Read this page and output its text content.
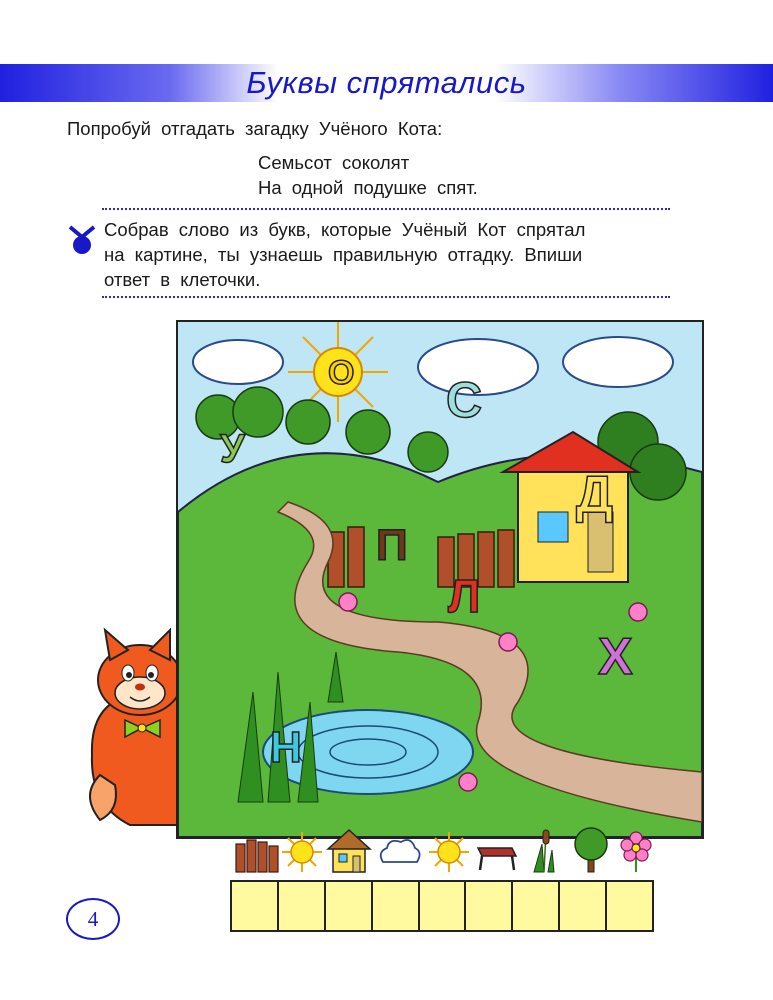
Буквы спрятались
Попробуй отгадать загадку Учёного Кота:
Семьсот соколят
На одной подушке спят.
Собрав слово из букв, которые Учёный Кот спрятал
на картине, ты узнаешь правильную отгадку. Впиши
ответ в клеточки.
О С
У
Д
П
Л
Х
Н
4
